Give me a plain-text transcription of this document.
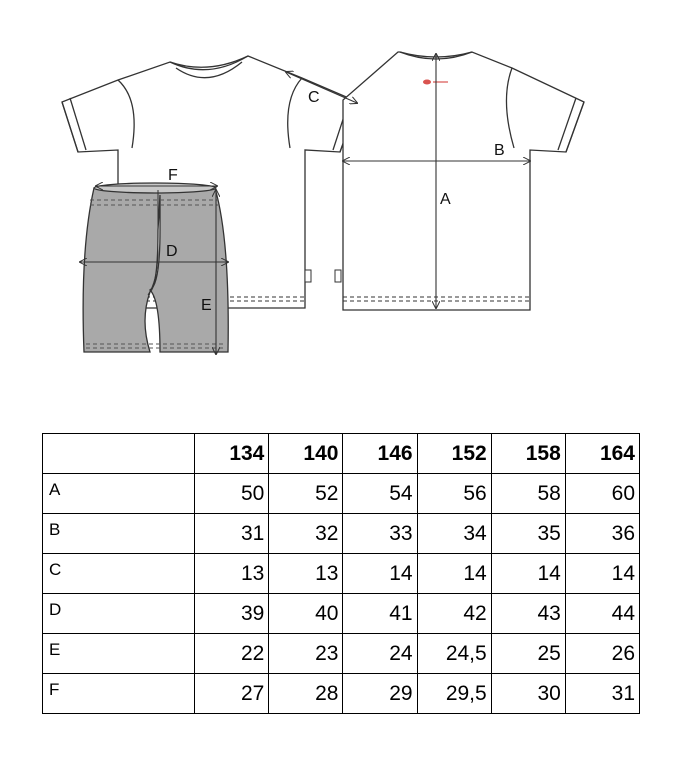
A
B
C
D
E
F
	134	140	146	152	158	164
A	50	52	54	56	58	60
B	31	32	33	34	35	36
C	13	13	14	14	14	14
D	39	40	41	42	43	44
E	22	23	24	24,5	25	26
F	27	28	29	29,5	30	31
